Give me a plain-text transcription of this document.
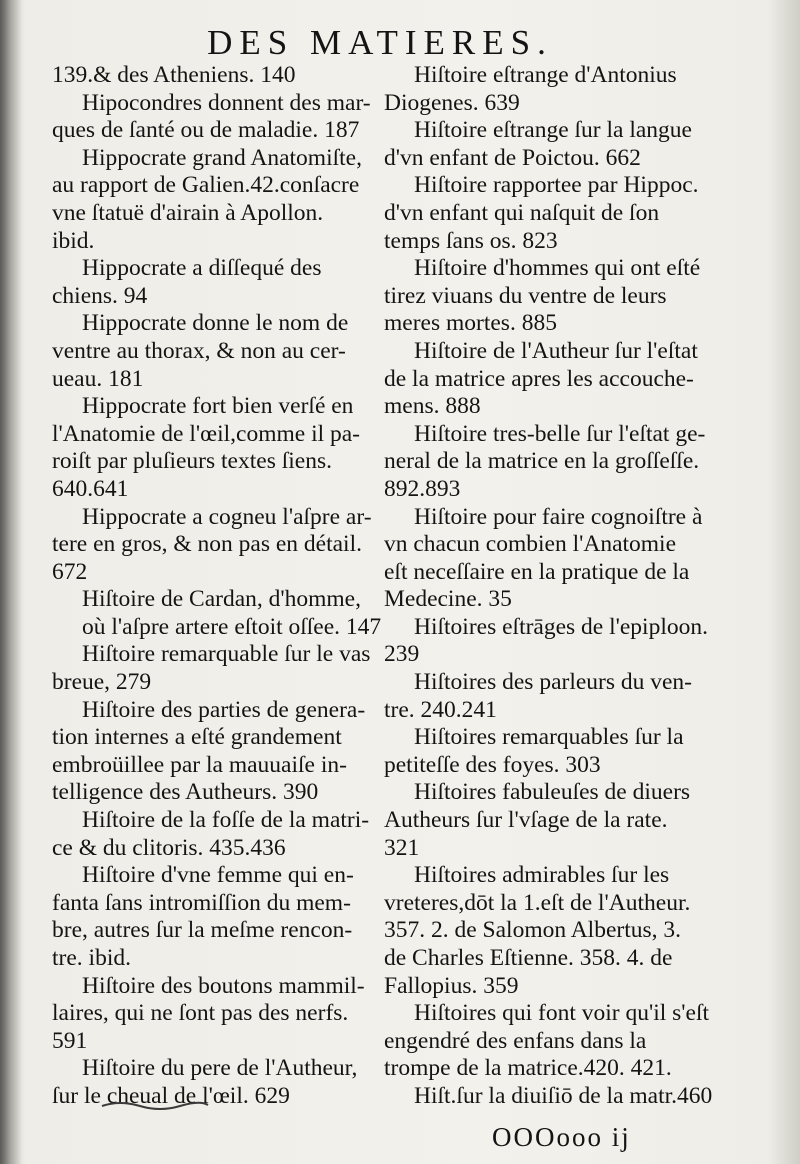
DES MATIERES.
139.& des Atheniens. 140
Hipocondres donnent des mar-
ques de ſanté ou de maladie. 187
Hippocrate grand Anatomiſte,
au rapport de Galien.42.conſacre
vne ſtatuë d'airain à Apollon.
ibid.
Hippocrate a diſſequé des
chiens. 94
Hippocrate donne le nom de
ventre au thorax, & non au cer-
ueau. 181
Hippocrate fort bien verſé en
l'Anatomie de l'œil,comme il pa-
roiſt par pluſieurs textes ſiens.
640.641
Hippocrate a cogneu l'aſpre ar-
tere en gros, & non pas en détail.
672
Hiſtoire de Cardan, d'homme,
où l'aſpre artere eſtoit oſſee. 147
Hiſtoire remarquable ſur le vas
breue, 279
Hiſtoire des parties de genera-
tion internes a eſté grandement
embroüillee par la mauuaiſe in-
telligence des Autheurs. 390
Hiſtoire de la foſſe de la matri-
ce & du clitoris. 435.436
Hiſtoire d'vne femme qui en-
fanta ſans intromiſſion du mem-
bre, autres ſur la meſme rencon-
tre. ibid.
Hiſtoire des boutons mammil-
laires, qui ne ſont pas des nerfs.
591
Hiſtoire du pere de l'Autheur,
ſur le cheual de l'œil. 629
Hiſtoire eſtrange d'Antonius
Diogenes. 639
Hiſtoire eſtrange ſur la langue
d'vn enfant de Poictou. 662
Hiſtoire rapportee par Hippoc.
d'vn enfant qui naſquit de ſon
temps ſans os. 823
Hiſtoire d'hommes qui ont eſté
tirez viuans du ventre de leurs
meres mortes. 885
Hiſtoire de l'Autheur ſur l'eſtat
de la matrice apres les accouche-
mens. 888
Hiſtoire tres-belle ſur l'eſtat ge-
neral de la matrice en la groſſeſſe.
892.893
Hiſtoire pour faire cognoiſtre à
vn chacun combien l'Anatomie
eſt neceſſaire en la pratique de la
Medecine. 35
Hiſtoires eſtrāges de l'epiploon.
239
Hiſtoires des parleurs du ven-
tre. 240.241
Hiſtoires remarquables ſur la
petiteſſe des foyes. 303
Hiſtoires fabuleuſes de diuers
Autheurs ſur l'vſage de la rate.
321
Hiſtoires admirables ſur les
vreteres,dōt la 1.eſt de l'Autheur.
357. 2. de Salomon Albertus, 3.
de Charles Eſtienne. 358. 4. de
Fallopius. 359
Hiſtoires qui font voir qu'il s'eſt
engendré des enfans dans la
trompe de la matrice.420. 421.
Hiſt.ſur la diuiſiō de la matr.460
OOOooo ij
